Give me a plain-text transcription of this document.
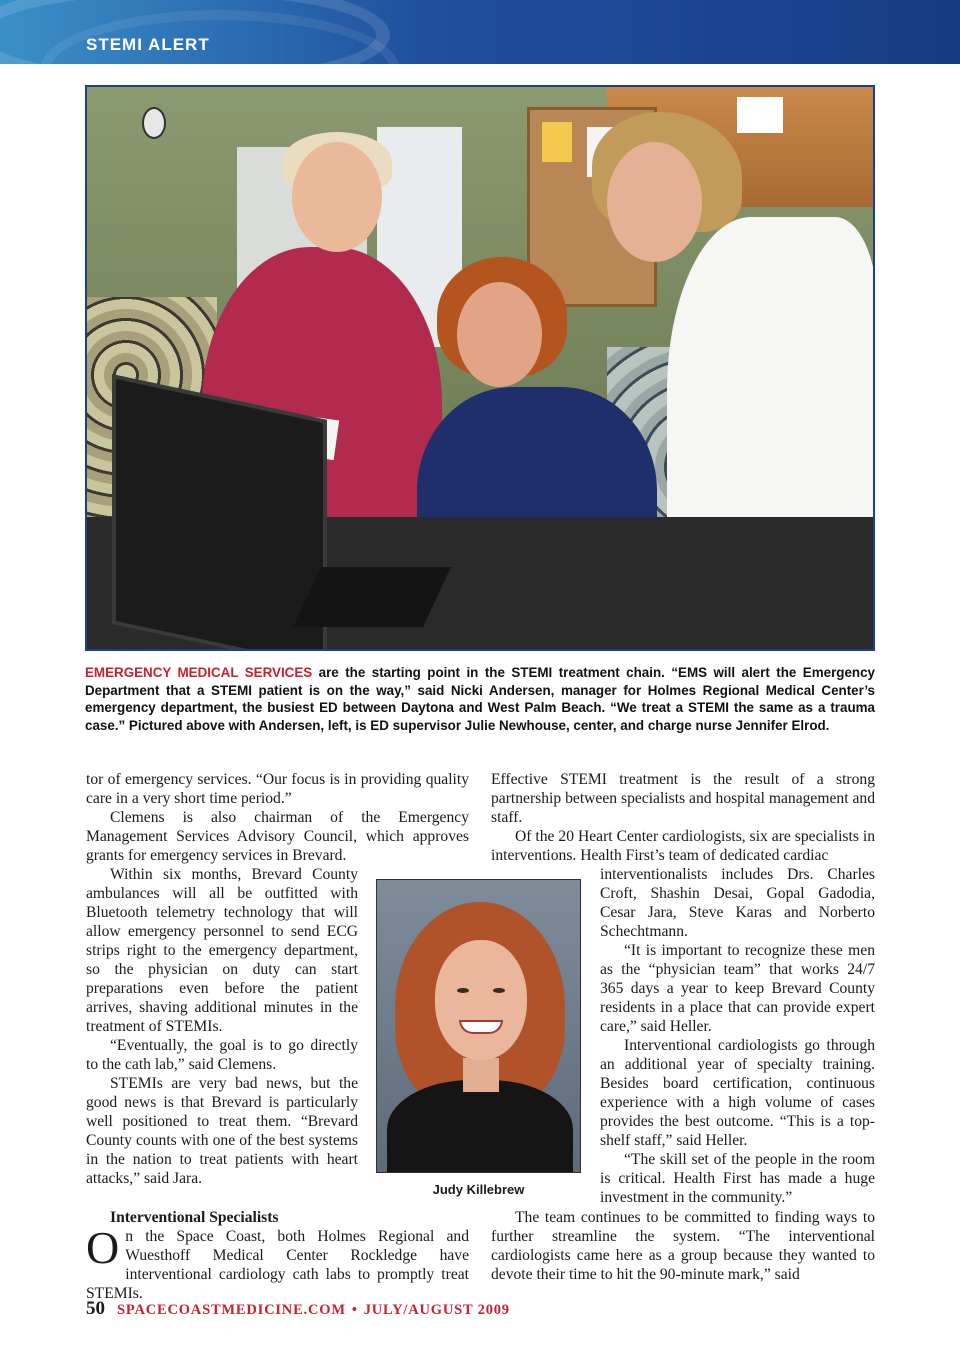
STEMI ALERT
EMERGENCY MEDICAL SERVICES are the starting point in the STEMI treatment chain. “EMS will alert the Emergency Department that a STEMI patient is on the way,” said Nicki Andersen, manager for Holmes Regional Medical Center’s emergency department, the busiest ED between Daytona and West Palm Beach. “We treat a STEMI the same as a trauma case.” Pictured above with Andersen, left, is ED supervisor Julie Newhouse, center, and charge nurse Jennifer Elrod.

tor of emergency services. “Our focus is in providing quality care in a very short time period.”

Clemens is also chairman of the Emergency Management Services Advisory Council, which approves grants for emergency services in Brevard.

Within six months, Brevard County ambulances will all be outfitted with Bluetooth telemetry technology that will allow emergency personnel to send ECG strips right to the emergency department, so the physician on duty can start preparations even before the patient arrives, shaving additional minutes in the treatment of STEMIs.

“Eventually, the goal is to go directly to the cath lab,” said Clemens.

STEMIs are very bad news, but the good news is that Brevard is particularly well positioned to treat them. “Brevard County counts with one of the best systems in the nation to treat patients with heart attacks,” said Jara.

Interventional Specialists

On the Space Coast, both Holmes Regional and Wuesthoff Medical Center Rockledge have interventional cardiology cath labs to promptly treat STEMIs.

Effective STEMI treatment is the result of a strong partnership between specialists and hospital management and staff.

Of the 20 Heart Center cardiologists, six are specialists in interventions. Health First’s team of dedicated cardiac

interventionalists includes Drs. Charles Croft, Shashin Desai, Gopal Gadodia, Cesar Jara, Steve Karas and Norberto Schechtmann.

“It is important to recognize these men as the “physician team” that works 24/7 365 days a year to keep Brevard County residents in a place that can provide expert care,” said Heller.

Interventional cardiologists go through an additional year of specialty training. Besides board certification, continuous experience with a high volume of cases provides the best outcome. “This is a top-shelf staff,” said Heller.

“The skill set of the people in the room is critical. Health First has made a huge investment in the community.”

The team continues to be committed to finding ways to further streamline the system. “The interventional cardiologists came here as a group because they wanted to devote their time to hit the 90-minute mark,” said

Judy Killebrew
50 SPACECOASTMEDICINE.COM • JULY/AUGUST 2009
